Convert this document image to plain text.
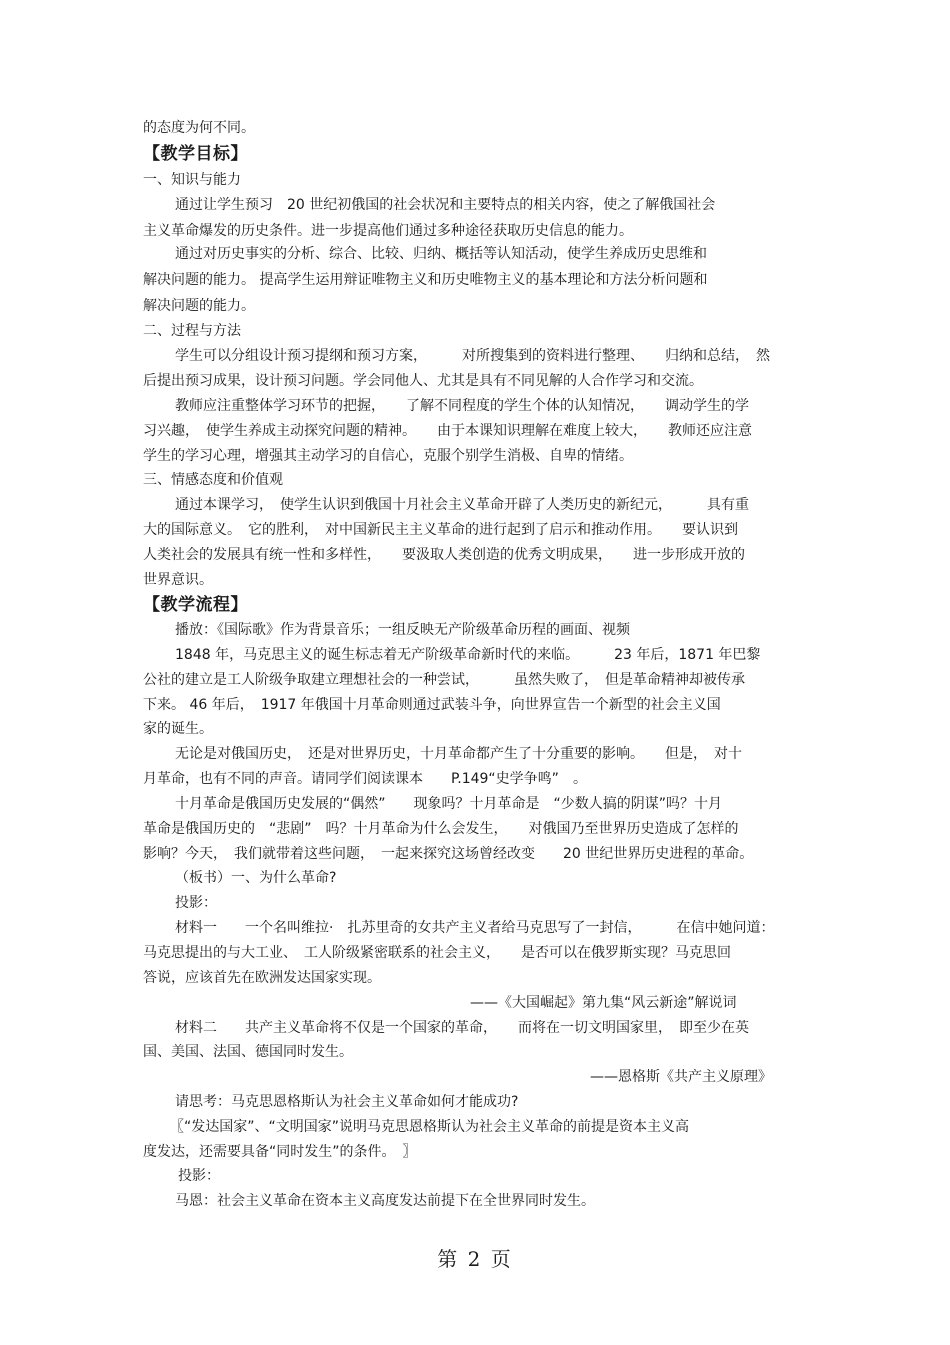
的态度为何不同。

【教学目标】

一、知识与能力

通过让学生预习　20 世纪初俄国的社会状况和主要特点的相关内容，使之了解俄国社会

主义革命爆发的历史条件。进一步提高他们通过多种途径获取历史信息的能力。

通过对历史事实的分析、综合、比较、归纳、概括等认知活动，使学生养成历史思维和

解决问题的能力。 提高学生运用辩证唯物主义和历史唯物主义的基本理论和方法分析问题和

解决问题的能力。

二、过程与方法

学生可以分组设计预习提纲和预习方案，　　　对所搜集到的资料进行整理、　　归纳和总结，　然

后提出预习成果，设计预习问题。学会同他人、尤其是具有不同见解的人合作学习和交流。

教师应注重整体学习环节的把握，　　了解不同程度的学生个体的认知情况，　　调动学生的学

习兴趣，　使学生养成主动探究问题的精神。　　由于本课知识理解在难度上较大，　　教师还应注意

学生的学习心理，增强其主动学习的自信心，克服个别学生消极、自卑的情绪。

三、情感态度和价值观

通过本课学习，　使学生认识到俄国十月社会主义革命开辟了人类历史的新纪元，　　　具有重

大的国际意义。　它的胜利，　对中国新民主主义革命的进行起到了启示和推动作用。　　要认识到

人类社会的发展具有统一性和多样性，　　要汲取人类创造的优秀文明成果，　　进一步形成开放的

世界意识。

【教学流程】

播放：《国际歌》作为背景音乐；一组反映无产阶级革命历程的画面、视频

1848 年，马克思主义的诞生标志着无产阶级革命新时代的来临。　　　23 年后，1871 年巴黎

公社的建立是工人阶级争取建立理想社会的一种尝试，　　　虽然失败了，　但是革命精神却被传承

下来。 46 年后，　1917 年俄国十月革命则通过武装斗争，向世界宣告一个新型的社会主义国

家的诞生。

无论是对俄国历史，　还是对世界历史，十月革命都产生了十分重要的影响。　　但是，　对十

月革命，也有不同的声音。请同学们阅读课本　　P.149“史学争鸣”　。

十月革命是俄国历史发展的“偶然”　　现象吗？十月革命是　“少数人搞的阴谋”吗？十月

革命是俄国历史的　“悲剧”　吗？十月革命为什么会发生，　　对俄国乃至世界历史造成了怎样的

影响？今天，　我们就带着这些问题，　一起来探究这场曾经改变　　20 世纪世界历史进程的革命。

（板书）一、为什么革命?

投影：

材料一　　一个名叫维拉·　扎苏里奇的女共产主义者给马克思写了一封信，　　　在信中她问道：

马克思提出的与大工业、　工人阶级紧密联系的社会主义，　　是否可以在俄罗斯实现？马克思回

答说，应该首先在欧洲发达国家实现。

——《大国崛起》第九集“风云新途”解说词

材料二　　共产主义革命将不仅是一个国家的革命，　　而将在一切文明国家里，　即至少在英

国、美国、法国、德国同时发生。

——恩格斯《共产主义原理》

请思考：马克思恩格斯认为社会主义革命如何才能成功?

〖“发达国家”、“文明国家”说明马克思恩格斯认为社会主义革命的前提是资本主义高

度发达，还需要具备“同时发生”的条件。　〗

投影：

马恩：社会主义革命在资本主义高度发达前提下在全世界同时发生。

第 2 页
